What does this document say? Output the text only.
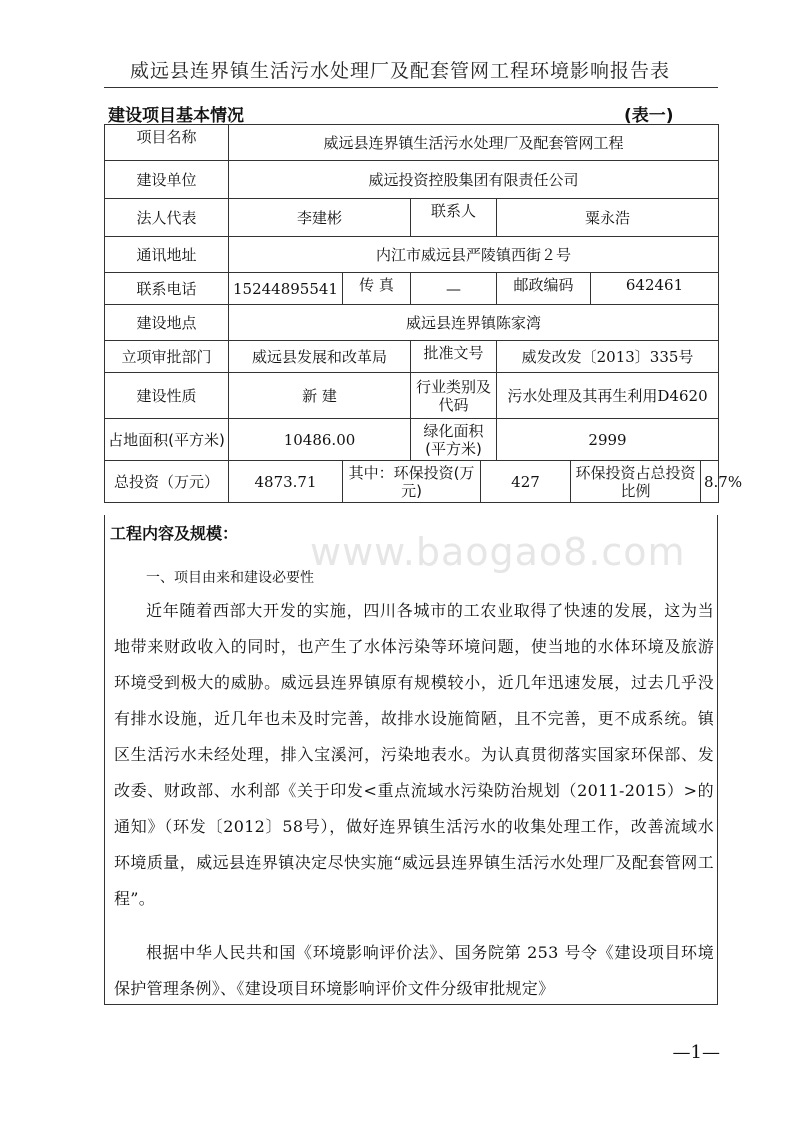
威远县连界镇生活污水处理厂及配套管网工程环境影响报告表
建设项目基本情况	(表一)
项目名称	威远县连界镇生活污水处理厂及配套管网工程							
建设单位	威远投资控股集团有限责任公司							
法人代表	李建彬		联系人		粟永浩			
通讯地址	内江市威远县严陵镇西街２号							
联系电话	15244895541	传 真	—		邮政编码		642461	
建设地点	威远县连界镇陈家湾							
立项审批部门	威远县发展和改革局		批准文号		威发改发〔2013〕335号			
建设性质	新 建		行业类别及代码		污水处理及其再生利用D4620			
占地面积(平方米)	10486.00		绿化面积(平方米)		2999			
总投资（万元）	4873.71	其中：环保投资(万元)		427		环保投资占总投资比例		8.7%
www.baogao8.com
工程内容及规模：
一、项目由来和建设必要性

近年随着西部大开发的实施，四川各城市的工农业取得了快速的发展，这为当地带来财政收入的同时，也产生了水体污染等环境问题，使当地的水体环境及旅游环境受到极大的威胁。威远县连界镇原有规模较小，近几年迅速发展，过去几乎没有排水设施，近几年也未及时完善，故排水设施简陋，且不完善，更不成系统。镇区生活污水未经处理，排入宝溪河，污染地表水。为认真贯彻落实国家环保部、发改委、财政部、水利部《关于印发<重点流域水污染防治规划（2011-2015）>的通知》（环发〔2012〕58号），做好连界镇生活污水的收集处理工作，改善流域水环境质量，威远县连界镇决定尽快实施“威远县连界镇生活污水处理厂及配套管网工程”。

根据中华人民共和国《环境影响评价法》、国务院第 253 号令《建设项目环境保护管理条例》、《建设项目环境影响评价文件分级审批规定》

—1—
